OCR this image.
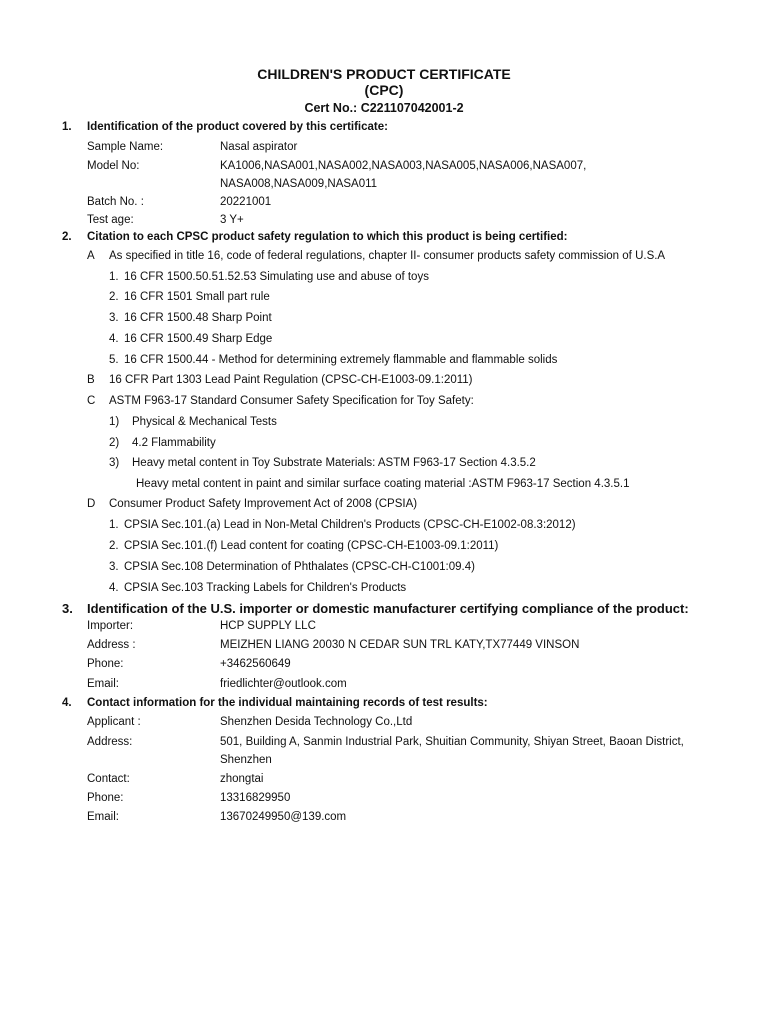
CHILDREN'S PRODUCT CERTIFICATE
(CPC)
Cert No.: C221107042001-2
1. Identification of the product covered by this certificate:
Sample Name:	Nasal aspirator
Model No:	KA1006,NASA001,NASA002,NASA003,NASA005,NASA006,NASA007,
NASA008,NASA009,NASA011
Batch No. :	20221001
Test age:	3 Y+
2. Citation to each CPSC product safety regulation to which this product is being certified:
A As specified in title 16, code of federal regulations, chapter II- consumer products safety commission of U.S.A
1. 16 CFR 1500.50.51.52.53 Simulating use and abuse of toys
2. 16 CFR 1501 Small part rule
3. 16 CFR 1500.48 Sharp Point
4. 16 CFR 1500.49 Sharp Edge
5. 16 CFR 1500.44 - Method for determining extremely flammable and flammable solids
B 16 CFR Part 1303 Lead Paint Regulation (CPSC-CH-E1003-09.1:2011)
C ASTM F963-17 Standard Consumer Safety Specification for Toy Safety:
1) Physical & Mechanical Tests
2) 4.2 Flammability
3) Heavy metal content in Toy Substrate Materials: ASTM F963-17 Section 4.3.5.2
Heavy metal content in paint and similar surface coating material :ASTM F963-17 Section 4.3.5.1
D Consumer Product Safety Improvement Act of 2008 (CPSIA)
1. CPSIA Sec.101.(a) Lead in Non-Metal Children's Products (CPSC-CH-E1002-08.3:2012)
2. CPSIA Sec.101.(f) Lead content for coating (CPSC-CH-E1003-09.1:2011)
3. CPSIA Sec.108 Determination of Phthalates (CPSC-CH-C1001:09.4)
4. CPSIA Sec.103 Tracking Labels for Children's Products
3. Identification of the U.S. importer or domestic manufacturer certifying compliance of the product:
Importer:	HCP SUPPLY LLC
Address :	MEIZHEN LIANG 20030 N CEDAR SUN TRL KATY,TX77449 VINSON
Phone:	+3462560649
Email:	friedlichter@outlook.com
4. Contact information for the individual maintaining records of test results:
Applicant :	Shenzhen Desida Technology Co.,Ltd
Address:	501, Building A, Sanmin Industrial Park, Shuitian Community, Shiyan Street, Baoan District,
Shenzhen
Contact:	zhongtai
Phone:	13316829950
Email:	13670249950@139.com
